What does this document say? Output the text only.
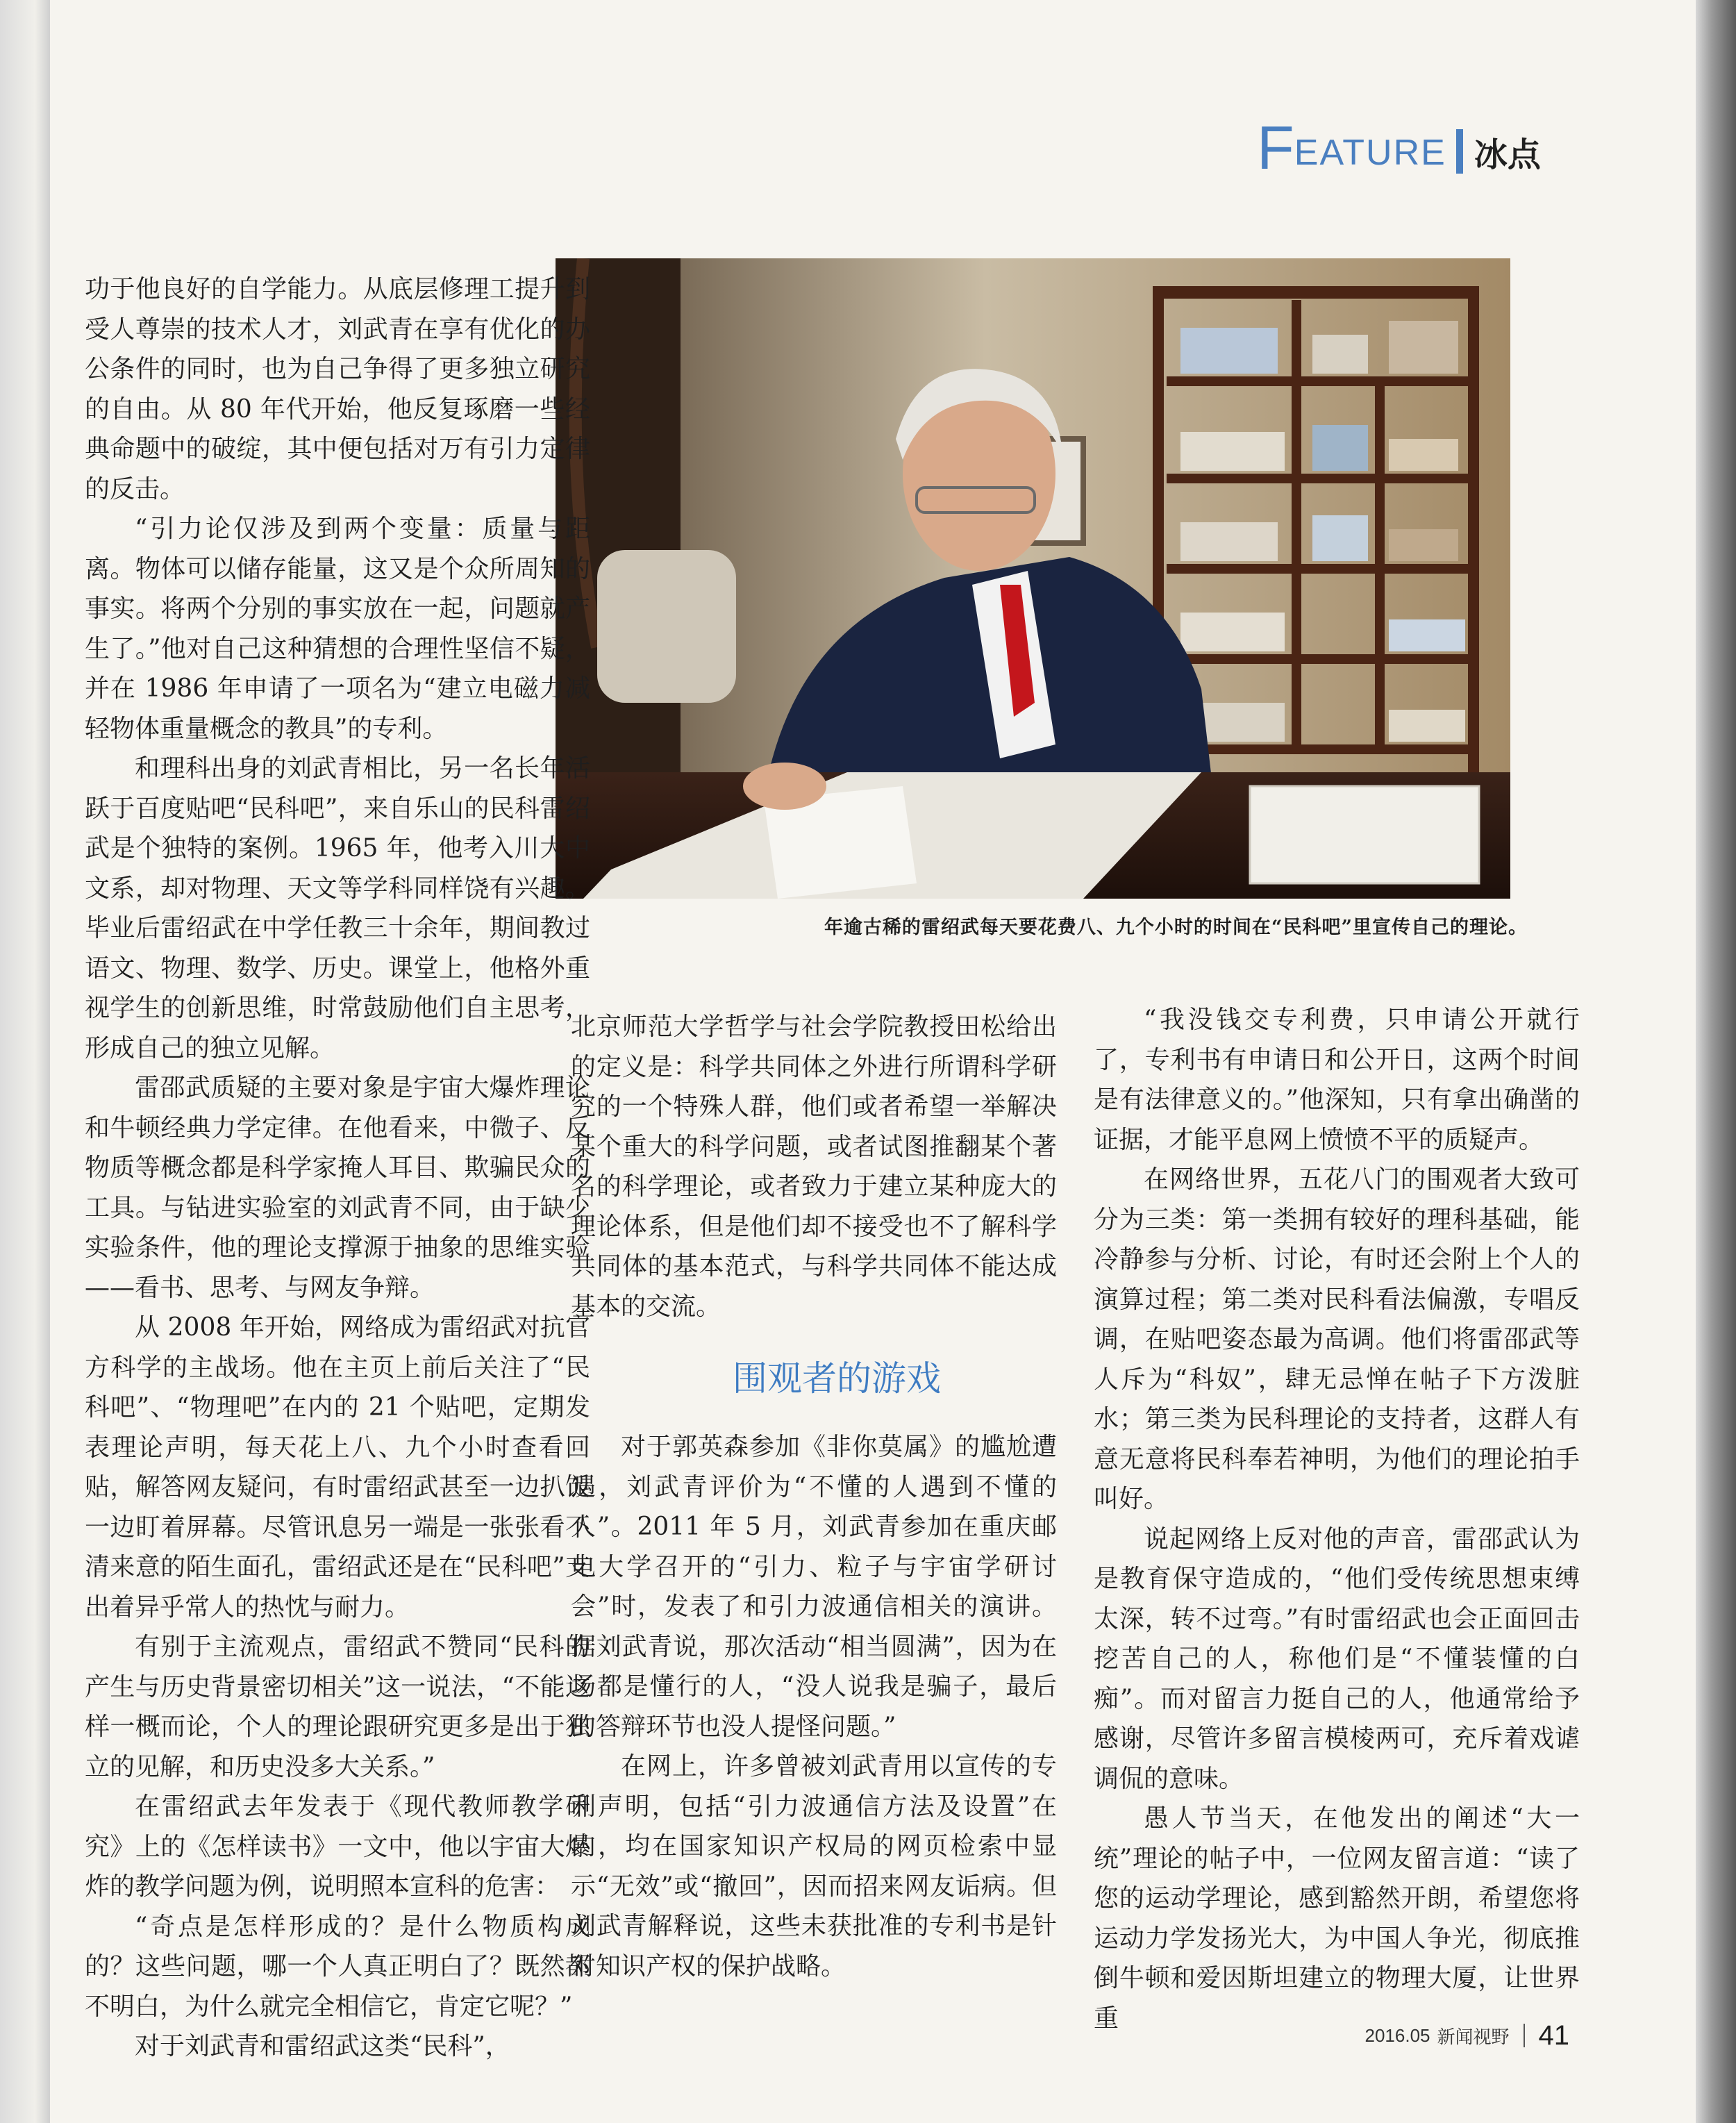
F EATURE 冰点
年逾古稀的雷绍武每天要花费八、九个小时的时间在“民科吧”里宣传自己的理论。

功于他良好的自学能力。从底层修理工提升到受人尊崇的技术人才，刘武青在享有优化的办公条件的同时，也为自己争得了更多独立研究的自由。从 80 年代开始，他反复琢磨一些经典命题中的破绽，其中便包括对万有引力定律的反击。

“引力论仅涉及到两个变量：质量与距离。物体可以储存能量，这又是个众所周知的事实。将两个分别的事实放在一起，问题就产生了。”他对自己这种猜想的合理性坚信不疑，并在 1986 年申请了一项名为“建立电磁力减轻物体重量概念的教具”的专利。

和理科出身的刘武青相比，另一名长年活跃于百度贴吧“民科吧”，来自乐山的民科雷绍武是个独特的案例。1965 年，他考入川大中文系，却对物理、天文等学科同样饶有兴趣。毕业后雷绍武在中学任教三十余年，期间教过语文、物理、数学、历史。课堂上，他格外重视学生的创新思维，时常鼓励他们自主思考，形成自己的独立见解。

雷邵武质疑的主要对象是宇宙大爆炸理论和牛顿经典力学定律。在他看来，中微子、反物质等概念都是科学家掩人耳目、欺骗民众的工具。与钻进实验室的刘武青不同，由于缺少实验条件，他的理论支撑源于抽象的思维实验——看书、思考、与网友争辩。

从 2008 年开始，网络成为雷绍武对抗官方科学的主战场。他在主页上前后关注了“民科吧”、“物理吧”在内的 21 个贴吧，定期发表理论声明，每天花上八、九个小时查看回贴，解答网友疑问，有时雷绍武甚至一边扒饭一边盯着屏幕。尽管讯息另一端是一张张看不清来意的陌生面孔，雷绍武还是在“民科吧”支出着异乎常人的热忱与耐力。

有别于主流观点，雷绍武不赞同“民科的产生与历史背景密切相关”这一说法，“不能这样一概而论，个人的理论跟研究更多是出于独立的见解，和历史没多大关系。”

在雷绍武去年发表于《现代教师教学研究》上的《怎样读书》一文中，他以宇宙大爆炸的教学问题为例，说明照本宣科的危害：

“奇点是怎样形成的？是什么物质构成的？这些问题，哪一个人真正明白了？既然都不明白，为什么就完全相信它，肯定它呢？”

对于刘武青和雷绍武这类“民科”，

北京师范大学哲学与社会学院教授田松给出的定义是：科学共同体之外进行所谓科学研究的一个特殊人群，他们或者希望一举解决某个重大的科学问题，或者试图推翻某个著名的科学理论，或者致力于建立某种庞大的理论体系，但是他们却不接受也不了解科学共同体的基本范式，与科学共同体不能达成基本的交流。

围观者的游戏

对于郭英森参加《非你莫属》的尴尬遭遇，刘武青评价为“不懂的人遇到不懂的人”。2011 年 5 月，刘武青参加在重庆邮电大学召开的“引力、粒子与宇宙学研讨会”时，发表了和引力波通信相关的演讲。据刘武青说，那次活动“相当圆满”，因为在场都是懂行的人，“没人说我是骗子，最后的答辩环节也没人提怪问题。”

在网上，许多曾被刘武青用以宣传的专利声明，包括“引力波通信方法及设置”在内，均在国家知识产权局的网页检索中显示“无效”或“撤回”，因而招来网友诟病。但刘武青解释说，这些未获批准的专利书是针对知识产权的保护战略。

“我没钱交专利费，只申请公开就行了，专利书有申请日和公开日，这两个时间是有法律意义的。”他深知，只有拿出确凿的证据，才能平息网上愤愤不平的质疑声。

在网络世界，五花八门的围观者大致可分为三类：第一类拥有较好的理科基础，能冷静参与分析、讨论，有时还会附上个人的演算过程；第二类对民科看法偏激，专唱反调，在贴吧姿态最为高调。他们将雷邵武等人斥为“科奴”，肆无忌惮在帖子下方泼脏水；第三类为民科理论的支持者，这群人有意无意将民科奉若神明，为他们的理论拍手叫好。

说起网络上反对他的声音，雷邵武认为是教育保守造成的，“他们受传统思想束缚太深，转不过弯。”有时雷绍武也会正面回击挖苦自己的人，称他们是“不懂装懂的白痴”。而对留言力挺自己的人，他通常给予感谢，尽管许多留言模棱两可，充斥着戏谑调侃的意味。

愚人节当天，在他发出的阐述“大一统”理论的帖子中，一位网友留言道：“读了您的运动学理论，感到豁然开朗，希望您将运动力学发扬光大，为中国人争光，彻底推倒牛顿和爱因斯坦建立的物理大厦，让世界重

2016.05 新闻视野 41
